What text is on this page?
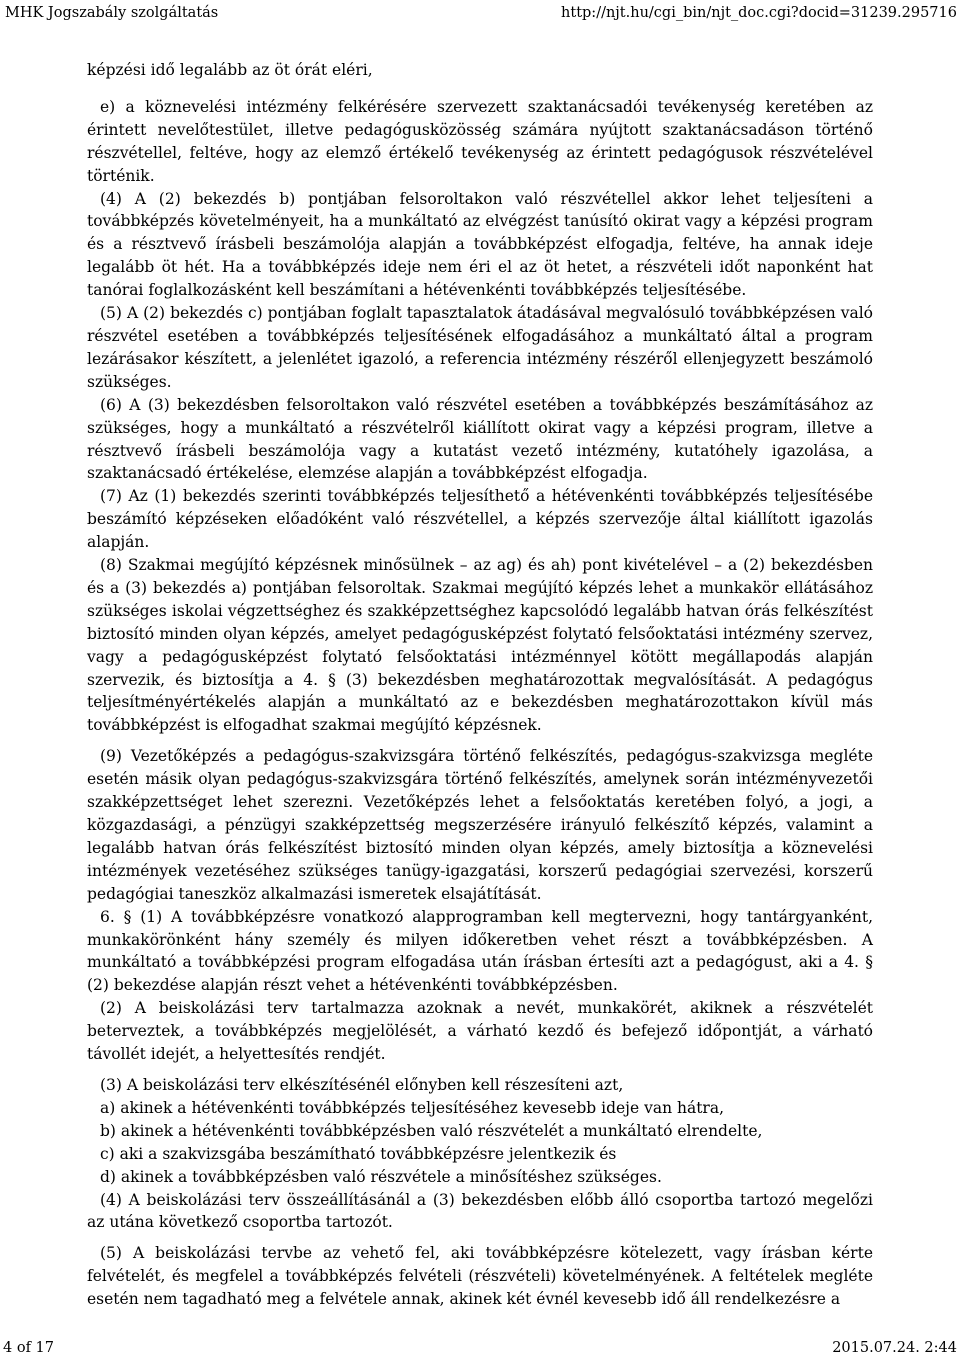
MHK Jogszabály szolgáltatás	http://njt.hu/cgi_bin/njt_doc.cgi?docid=31239.295716

képzési idő legalább az öt órát eléri,

e) a köznevelési intézmény felkérésére szervezett szaktanácsadói tevékenység keretében az érintett nevelőtestület, illetve pedagógusközösség számára nyújtott szaktanácsadáson történő részvétellel, feltéve, hogy az elemző értékelő tevékenység az érintett pedagógusok részvételével történik.

(4) A (2) bekezdés b) pontjában felsoroltakon való részvétellel akkor lehet teljesíteni a továbbképzés követelményeit, ha a munkáltató az elvégzést tanúsító okirat vagy a képzési program és a résztvevő írásbeli beszámolója alapján a továbbképzést elfogadja, feltéve, ha annak ideje legalább öt hét. Ha a továbbképzés ideje nem éri el az öt hetet, a részvételi időt naponként hat tanórai foglalkozásként kell beszámítani a hétévenkénti továbbképzés teljesítésébe.

(5) A (2) bekezdés c) pontjában foglalt tapasztalatok átadásával megvalósuló továbbképzésen való részvétel esetében a továbbképzés teljesítésének elfogadásához a munkáltató által a program lezárásakor készített, a jelenlétet igazoló, a referencia intézmény részéről ellenjegyzett beszámoló szükséges.

(6) A (3) bekezdésben felsoroltakon való részvétel esetében a továbbképzés beszámításához az szükséges, hogy a munkáltató a részvételről kiállított okirat vagy a képzési program, illetve a résztvevő írásbeli beszámolója vagy a kutatást vezető intézmény, kutatóhely igazolása, a szaktanácsadó értékelése, elemzése alapján a továbbképzést elfogadja.

(7) Az (1) bekezdés szerinti továbbképzés teljesíthető a hétévenkénti továbbképzés teljesítésébe beszámító képzéseken előadóként való részvétellel, a képzés szervezője által kiállított igazolás alapján.

(8) Szakmai megújító képzésnek minősülnek – az ag) és ah) pont kivételével – a (2) bekezdésben és a (3) bekezdés a) pontjában felsoroltak. Szakmai megújító képzés lehet a munkakör ellátásához szükséges iskolai végzettséghez és szakképzettséghez kapcsolódó legalább hatvan órás felkészítést biztosító minden olyan képzés, amelyet pedagógusképzést folytató felsőoktatási intézmény szervez, vagy a pedagógusképzést folytató felsőoktatási intézménnyel kötött megállapodás alapján szervezik, és biztosítja a 4. § (3) bekezdésben meghatározottak megvalósítását. A pedagógus teljesítményértékelés alapján a munkáltató az e bekezdésben meghatározottakon kívül más továbbképzést is elfogadhat szakmai megújító képzésnek.

(9) Vezetőképzés a pedagógus-szakvizsgára történő felkészítés, pedagógus-szakvizsga megléte esetén másik olyan pedagógus-szakvizsgára történő felkészítés, amelynek során intézményvezetői szakképzettséget lehet szerezni. Vezetőképzés lehet a felsőoktatás keretében folyó, a jogi, a közgazdasági, a pénzügyi szakképzettség megszerzésére irányuló felkészítő képzés, valamint a legalább hatvan órás felkészítést biztosító minden olyan képzés, amely biztosítja a köznevelési intézmények vezetéséhez szükséges tanügy-igazgatási, korszerű pedagógiai szervezési, korszerű pedagógiai taneszköz alkalmazási ismeretek elsajátítását.

6. § (1) A továbbképzésre vonatkozó alapprogramban kell megtervezni, hogy tantárgyanként, munkakörönként hány személy és milyen időkeretben vehet részt a továbbképzésben. A munkáltató a továbbképzési program elfogadása után írásban értesíti azt a pedagógust, aki a 4. § (2) bekezdése alapján részt vehet a hétévenkénti továbbképzésben.

(2) A beiskolázási terv tartalmazza azoknak a nevét, munkakörét, akiknek a részvételét beterveztek, a továbbképzés megjelölését, a várható kezdő és befejező időpontját, a várható távollét idejét, a helyettesítés rendjét.

(3) A beiskolázási terv elkészítésénél előnyben kell részesíteni azt,

a) akinek a hétévenkénti továbbképzés teljesítéséhez kevesebb ideje van hátra,

b) akinek a hétévenkénti továbbképzésben való részvételét a munkáltató elrendelte,

c) aki a szakvizsgába beszámítható továbbképzésre jelentkezik és

d) akinek a továbbképzésben való részvétele a minősítéshez szükséges.

(4) A beiskolázási terv összeállításánál a (3) bekezdésben előbb álló csoportba tartozó megelőzi az utána következő csoportba tartozót.

(5) A beiskolázási tervbe az vehető fel, aki továbbképzésre kötelezett, vagy írásban kérte felvételét, és megfelel a továbbképzés felvételi (részvételi) követelményének. A feltételek megléte esetén nem tagadható meg a felvétele annak, akinek két évnél kevesebb idő áll rendelkezésre a

4 of 17	2015.07.24. 2:44
